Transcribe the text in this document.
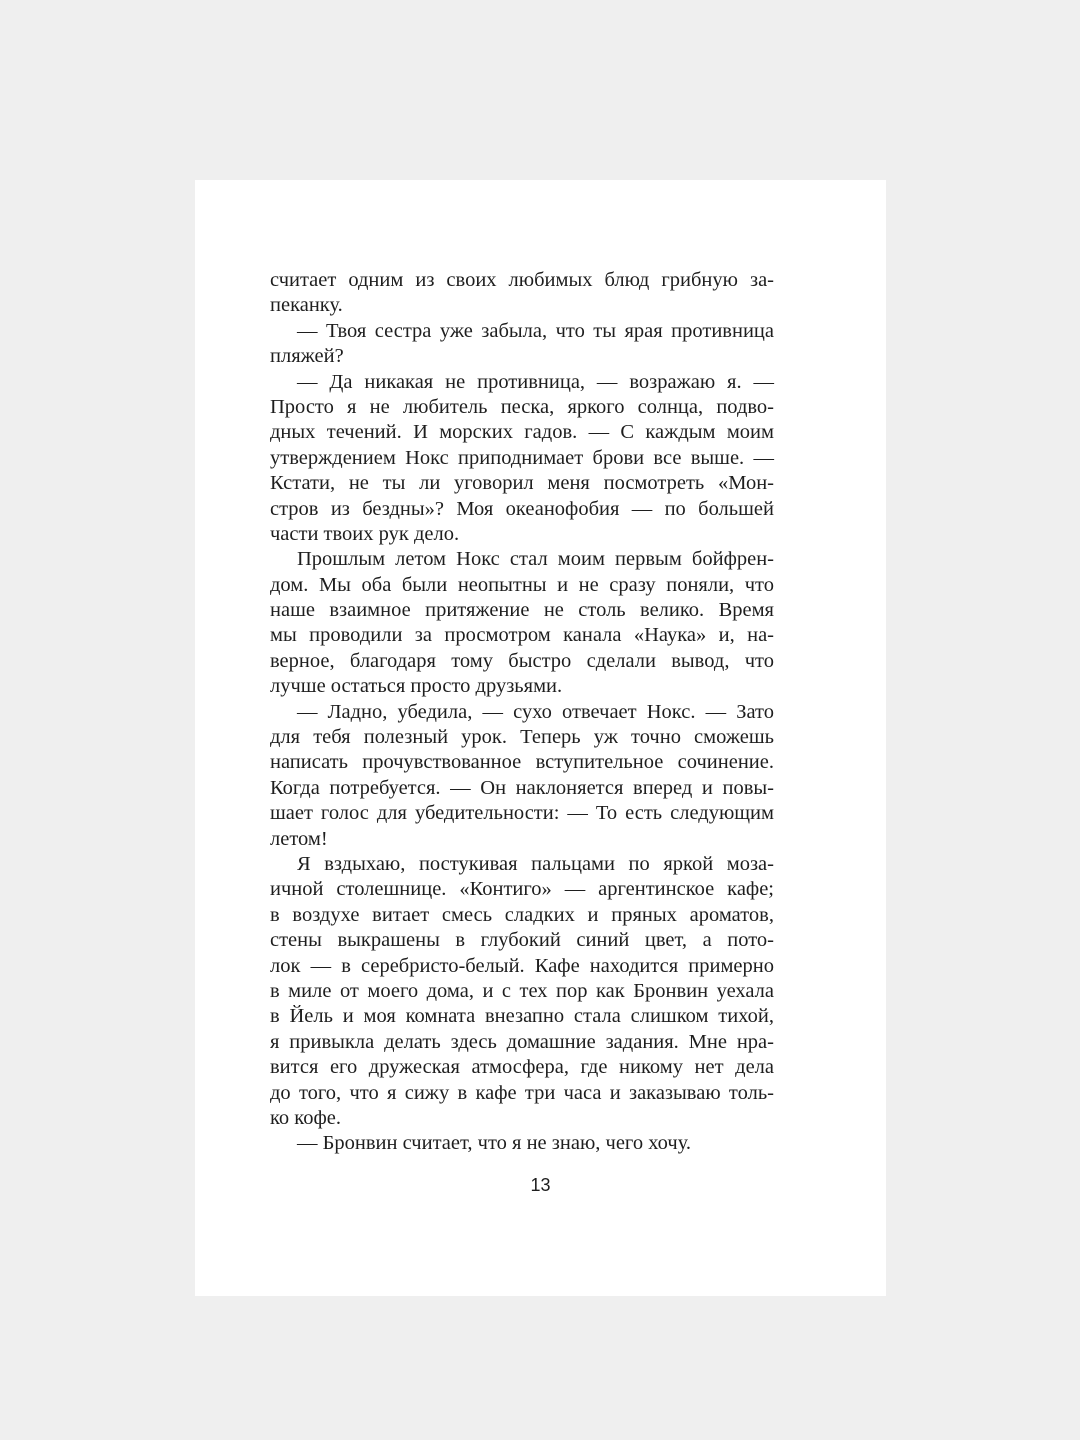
считает одним из своих любимых блюд грибную за-
пеканку.
— Твоя сестра уже забыла, что ты ярая противница
пляжей?
— Да никакая не противница, — возражаю я. —
Просто я не любитель песка, яркого солнца, подво-
дных течений. И морских гадов. — С каждым моим
утверждением Нокс приподнимает брови все выше. —
Кстати, не ты ли уговорил меня посмотреть «Мон-
стров из бездны»? Моя океанофобия — по большей
части твоих рук дело.
Прошлым летом Нокс стал моим первым бойфрен-
дом. Мы оба были неопытны и не сразу поняли, что
наше взаимное притяжение не столь велико. Время
мы проводили за просмотром канала «Наука» и, на-
верное, благодаря тому быстро сделали вывод, что
лучше остаться просто друзьями.
— Ладно, убедила, — сухо отвечает Нокс. — Зато
для тебя полезный урок. Теперь уж точно сможешь
написать прочувствованное вступительное сочинение.
Когда потребуется. — Он наклоняется вперед и повы-
шает голос для убедительности: — То есть следующим
летом!
Я вздыхаю, постукивая пальцами по яркой моза-
ичной столешнице. «Контиго» — аргентинское кафе;
в воздухе витает смесь сладких и пряных ароматов,
стены выкрашены в глубокий синий цвет, а пото-
лок — в серебристо-белый. Кафе находится примерно
в миле от моего дома, и с тех пор как Бронвин уехала
в Йель и моя комната внезапно стала слишком тихой,
я привыкла делать здесь домашние задания. Мне нра-
вится его дружеская атмосфера, где никому нет дела
до того, что я сижу в кафе три часа и заказываю толь-
ко кофе.
— Бронвин считает, что я не знаю, чего хочу.
13
